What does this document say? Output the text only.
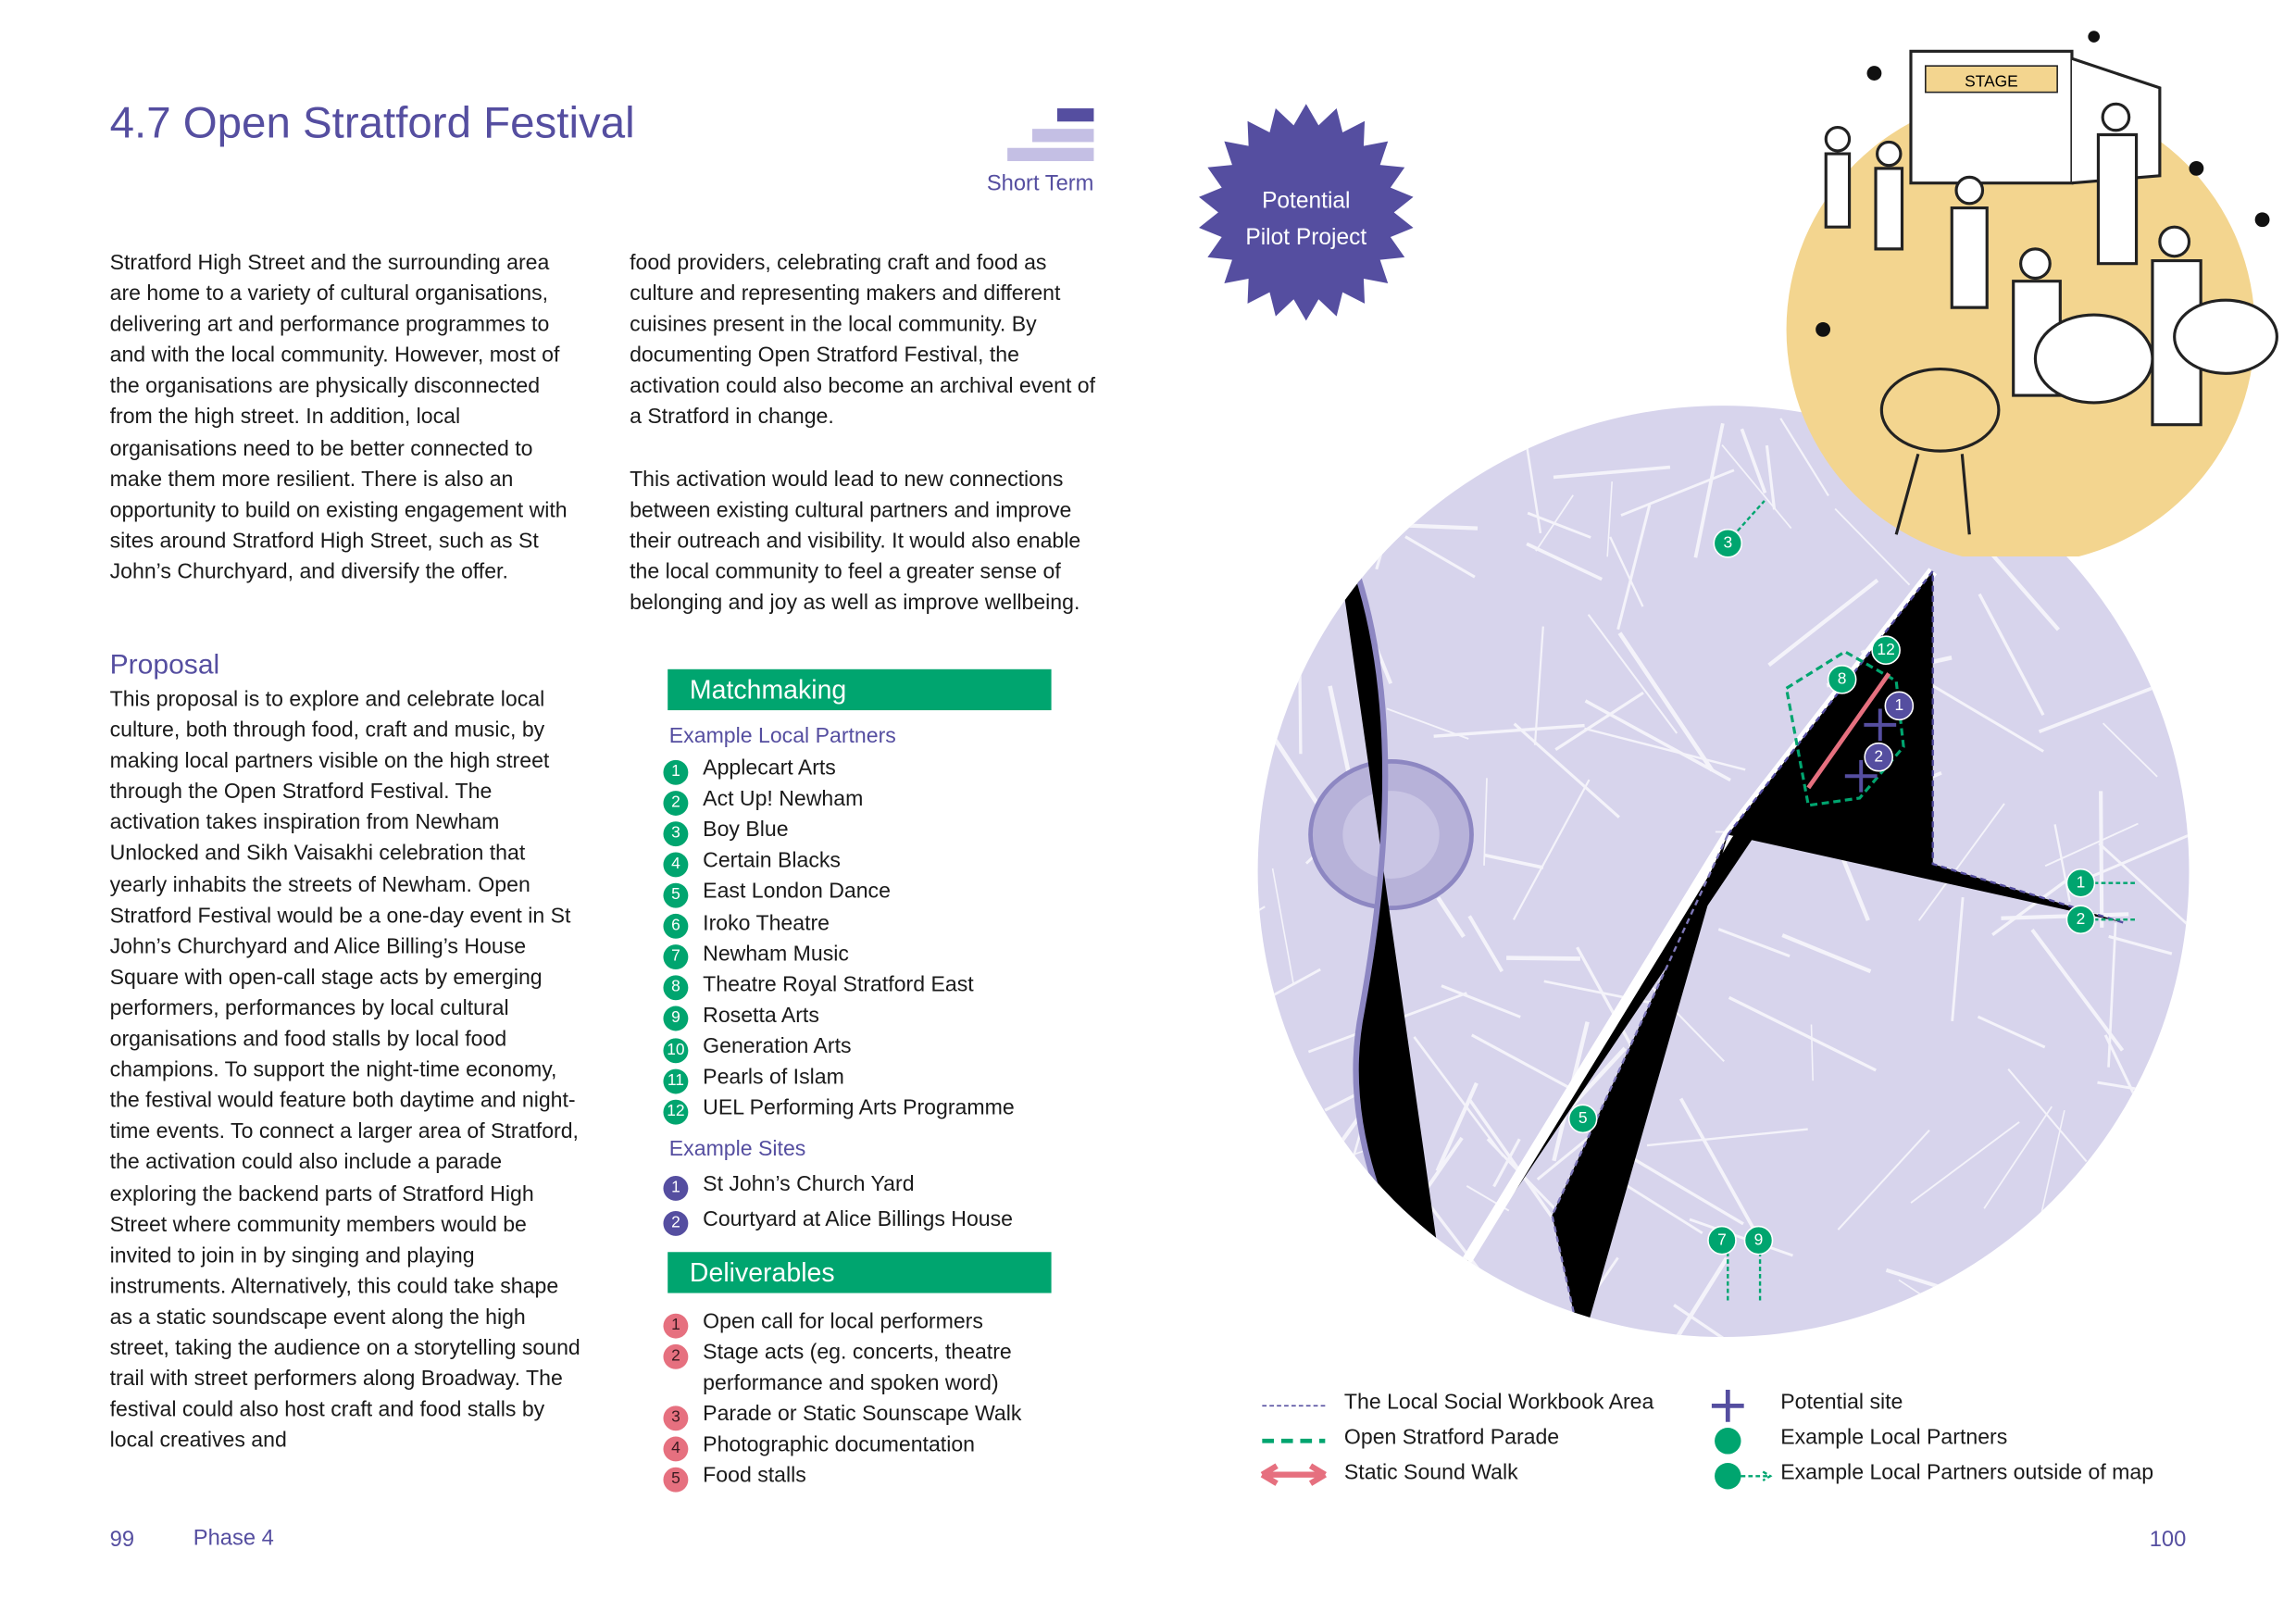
4.7 Open Stratford Festival
Short Term

Stratford High Street and the surrounding area are home to a variety of cultural organisations, delivering art and performance programmes to and with the local community. However, most of the organisations are physically disconnected from the high street. In addition, local organisations need to be better connected to make them more resilient. There is also an opportunity to build on existing engagement with sites around Stratford High Street, such as St John’s Churchyard, and diversify the offer.

Proposal
This proposal is to explore and celebrate local culture, both through food, craft and music, by making local partners visible on the high street through the Open Stratford Festival. The activation takes inspiration from Newham Unlocked and Sikh Vaisakhi celebration that yearly inhabits the streets of Newham. Open Stratford Festival would be a one-day event in St John’s Churchyard and Alice Billing’s House Square with open-call stage acts by emerging performers, performances by local cultural organisations and food stalls by local food champions. To support the night-time economy, the festival would feature both daytime and night-time events. To connect a larger area of Stratford, the activation could also include a parade exploring the backend parts of Stratford High Street where community members would be invited to join in by singing and playing instruments. Alternatively, this could take shape as a static soundscape event along the high street, taking the audience on a storytelling sound trail with street performers along Broadway. The festival could also host craft and food stalls by local creatives and

food providers, celebrating craft and food as culture and representing makers and different cuisines present in the local community. By documenting Open Stratford Festival, the activation could also become an archival event of a Stratford in change.

This activation would lead to new connections between existing cultural partners and improve their outreach and visibility. It would also enable the local community to feel a greater sense of belonging and joy as well as improve wellbeing.

Matchmaking
Example Local Partners
Example Sites
Deliverables
Potential
Pilot Project
STAGE
The Local Social Workbook Area
Open Stratford Parade
Static Sound Walk
Potential site
Example Local Partners
Example Local Partners outside of map
99	Phase 4	100
1 Applecart Arts
2 Act Up! Newham
3 Boy Blue
4 Certain Blacks
5 East London Dance
6 Iroko Theatre
7 Newham Music
8 Theatre Royal Stratford East
9 Rosetta Arts
10 Generation Arts
11 Pearls of Islam
12 UEL Performing Arts Programme
1 St John’s Church Yard
2 Courtyard at Alice Billings House
1 Open call for local performers
2 Stage acts (eg. concerts, theatre
performance and spoken word)
3 Parade or Static Sounscape Walk
4 Photographic documentation
5 Food stalls
3
12
8
1
2
1
2
5
7	9
